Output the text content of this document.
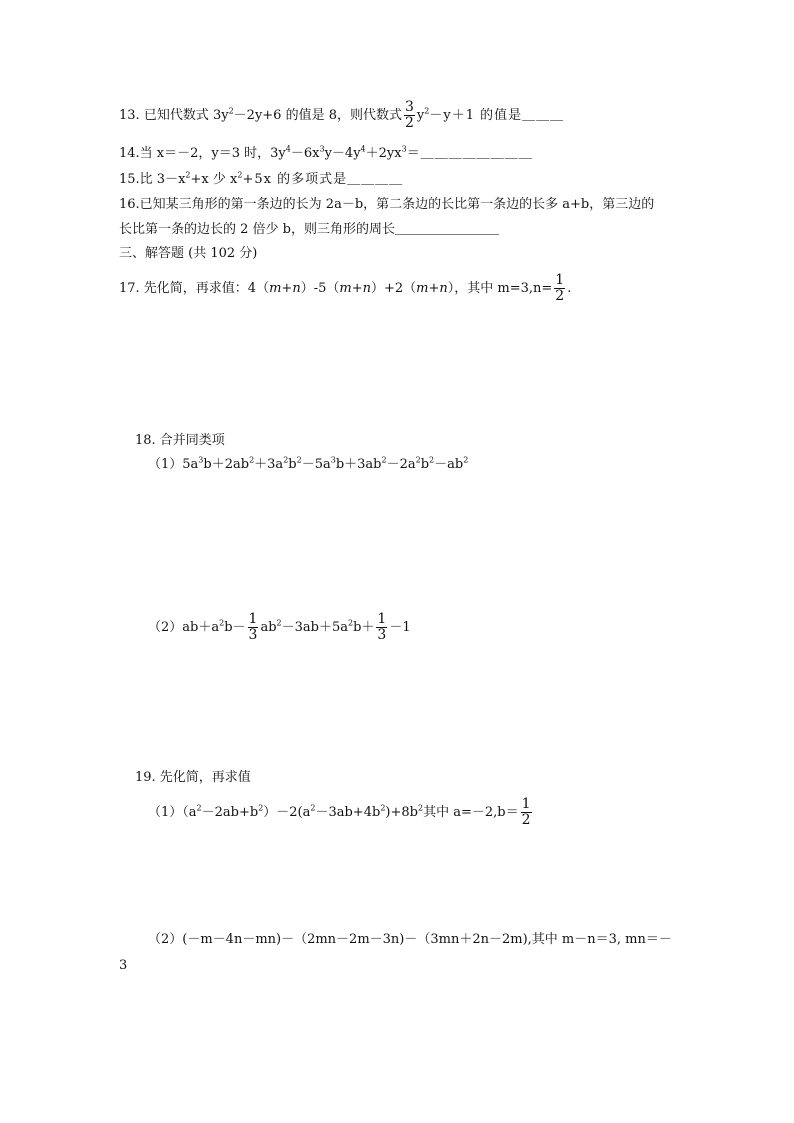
13. 已知代数式 $3y^2-2y+6$ 的值是 8，则代数式 $\frac{3}{2} y^2-y+1$ 的值是＿＿＿
14.当 x＝－2，y＝3 时，$3y^4-6x^3y-4y^4+2yx^3=\_\_\_\_\_\_\_\_$
15.比 $3-x^2+x$ 少 $x^2+5x$ 的多项式是＿＿＿＿
16.已知某三角形的第一条边的长为 2a－b，第二条边的长比第一条边的长多 a+b，第三边的
长比第一条的边长的 2 倍少 b，则三角形的周长＿＿＿＿＿＿＿＿
三、解答题 (共 102 分)
17. 先化简，再求值：4（m+n）-5（m+n）+2（m+n），其中 $m=3,n= \frac{1}{2}$ .
18. 合并同类项
$(1)5a^3b+2ab^2+3a^2b^2-5a^3b+3ab^2-2a^2b^2-ab^2$
$(2)ab+a^2b- \frac{1}{3} ab^2-3ab+5a^2b+ \frac{1}{3} -1$
19. 先化简，再求值
$(1)(a^2-2ab+b^2)-2(a^2-3ab+4b^2)+8b^2$其中 $a=-2,b= \frac{1}{2}$
（2）(－m－4n－mn)－（2mn－2m－3n)－（3mn＋2n－2m),其中 m－n＝3, mn＝－
3
